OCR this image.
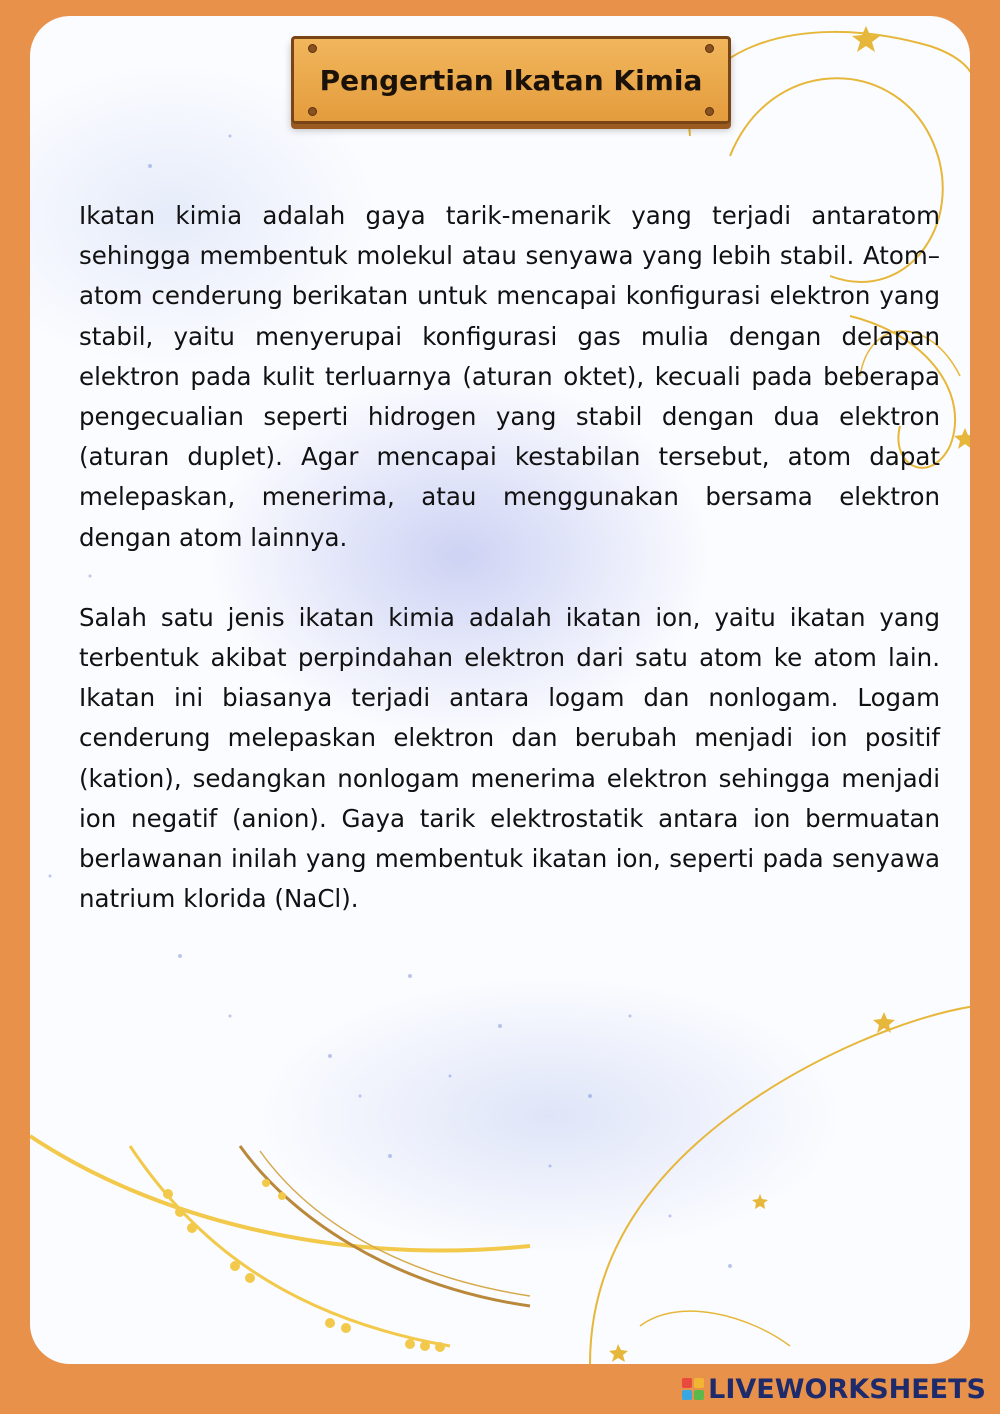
Pengertian Ikatan Kimia

Ikatan kimia adalah gaya tarik-menarik yang terjadi antaratom sehingga membentuk molekul atau senyawa yang lebih stabil. Atom–atom cenderung berikatan untuk mencapai konfigurasi elektron yang stabil, yaitu menyerupai konfigurasi gas mulia dengan delapan elektron pada kulit terluarnya (aturan oktet), kecuali pada beberapa pengecualian seperti hidrogen yang stabil dengan dua elektron (aturan duplet). Agar mencapai kestabilan tersebut, atom dapat melepaskan, menerima, atau menggunakan bersama elektron dengan atom lainnya.

Salah satu jenis ikatan kimia adalah ikatan ion, yaitu ikatan yang terbentuk akibat perpindahan elektron dari satu atom ke atom lain. Ikatan ini biasanya terjadi antara logam dan nonlogam. Logam cenderung melepaskan elektron dan berubah menjadi ion positif (kation), sedangkan nonlogam menerima elektron sehingga menjadi ion negatif (anion). Gaya tarik elektrostatik antara ion bermuatan berlawanan inilah yang membentuk ikatan ion, seperti pada senyawa natrium klorida (NaCl).

LIVEWORKSHEETS
